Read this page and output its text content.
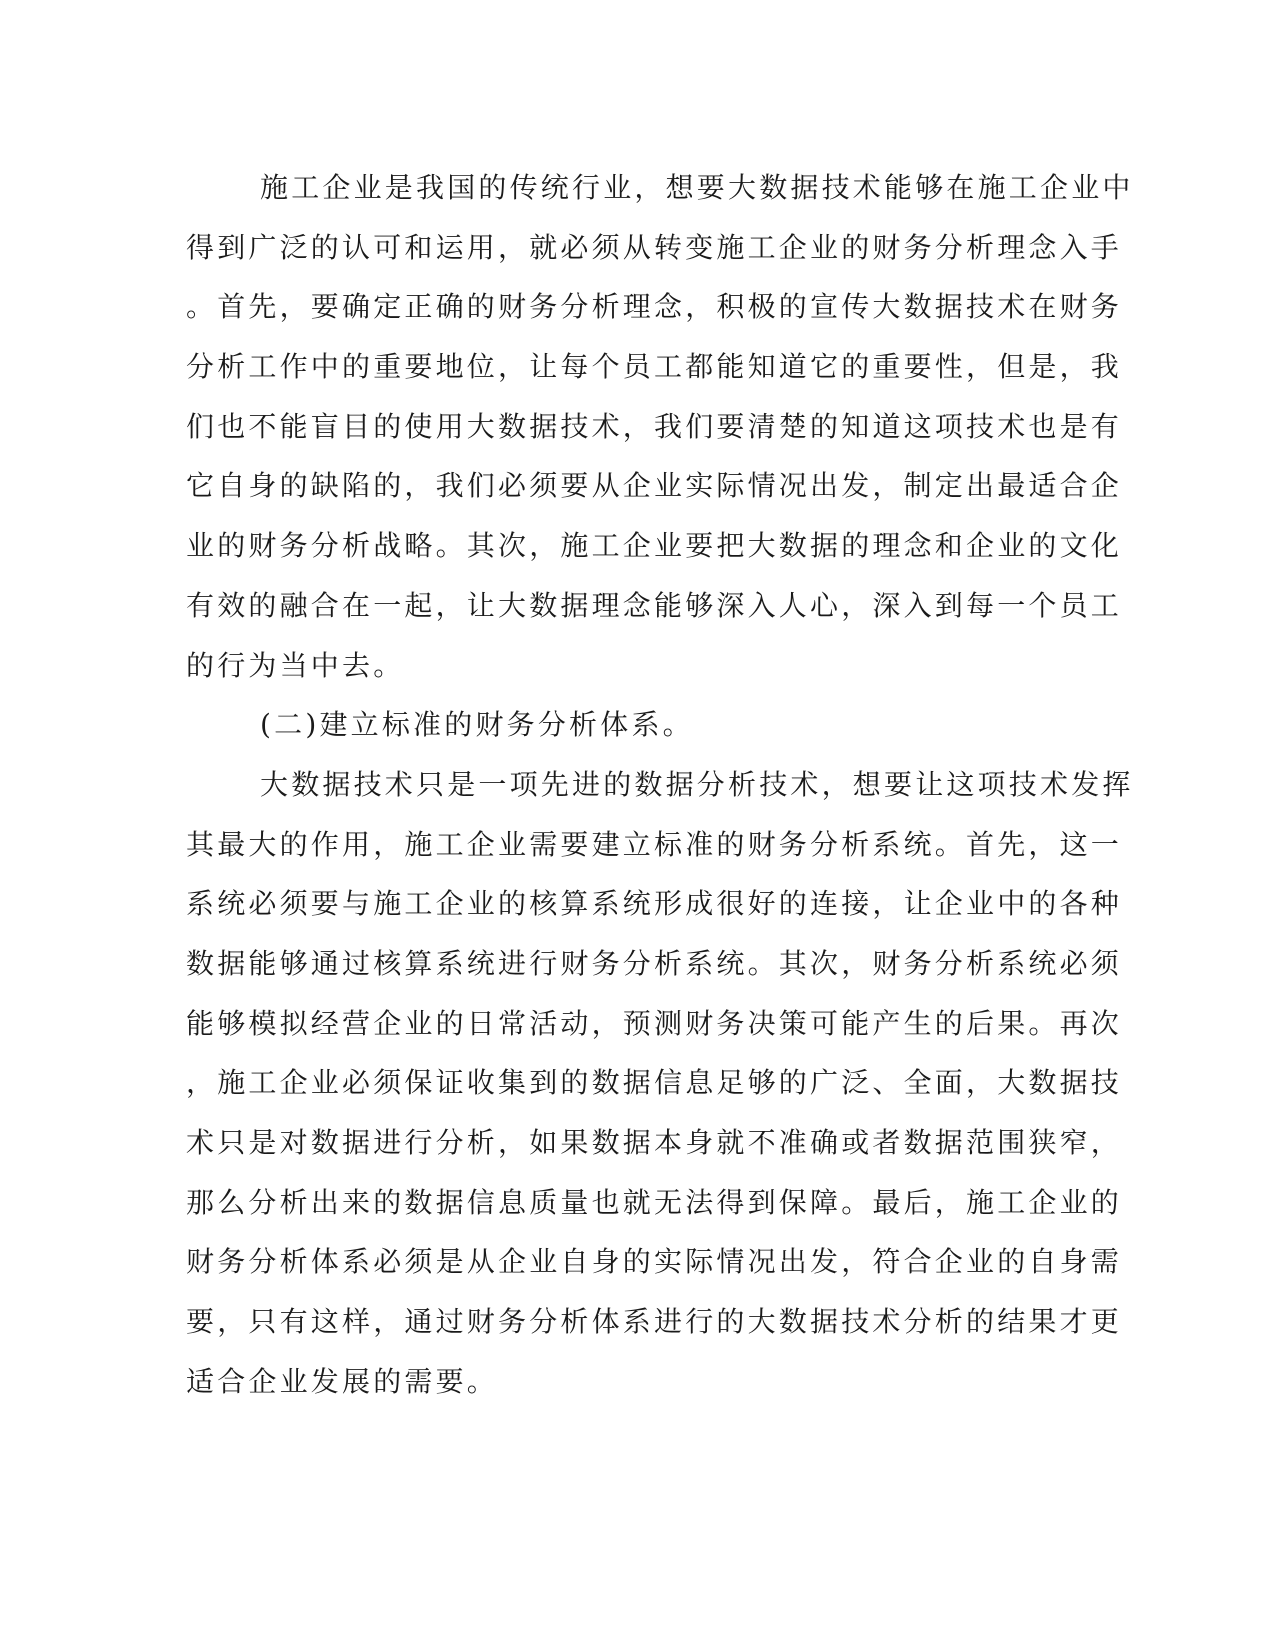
施工企业是我国的传统行业，想要大数据技术能够在施工企业中
得到广泛的认可和运用，就必须从转变施工企业的财务分析理念入手
。首先，要确定正确的财务分析理念，积极的宣传大数据技术在财务
分析工作中的重要地位，让每个员工都能知道它的重要性，但是，我
们也不能盲目的使用大数据技术，我们要清楚的知道这项技术也是有
它自身的缺陷的，我们必须要从企业实际情况出发，制定出最适合企
业的财务分析战略。其次，施工企业要把大数据的理念和企业的文化
有效的融合在一起，让大数据理念能够深入人心，深入到每一个员工
的行为当中去。
(二)建立标准的财务分析体系。
大数据技术只是一项先进的数据分析技术，想要让这项技术发挥
其最大的作用，施工企业需要建立标准的财务分析系统。首先，这一
系统必须要与施工企业的核算系统形成很好的连接，让企业中的各种
数据能够通过核算系统进行财务分析系统。其次，财务分析系统必须
能够模拟经营企业的日常活动，预测财务决策可能产生的后果。再次
，施工企业必须保证收集到的数据信息足够的广泛、全面，大数据技
术只是对数据进行分析，如果数据本身就不准确或者数据范围狭窄，
那么分析出来的数据信息质量也就无法得到保障。最后，施工企业的
财务分析体系必须是从企业自身的实际情况出发，符合企业的自身需
要，只有这样，通过财务分析体系进行的大数据技术分析的结果才更
适合企业发展的需要。
